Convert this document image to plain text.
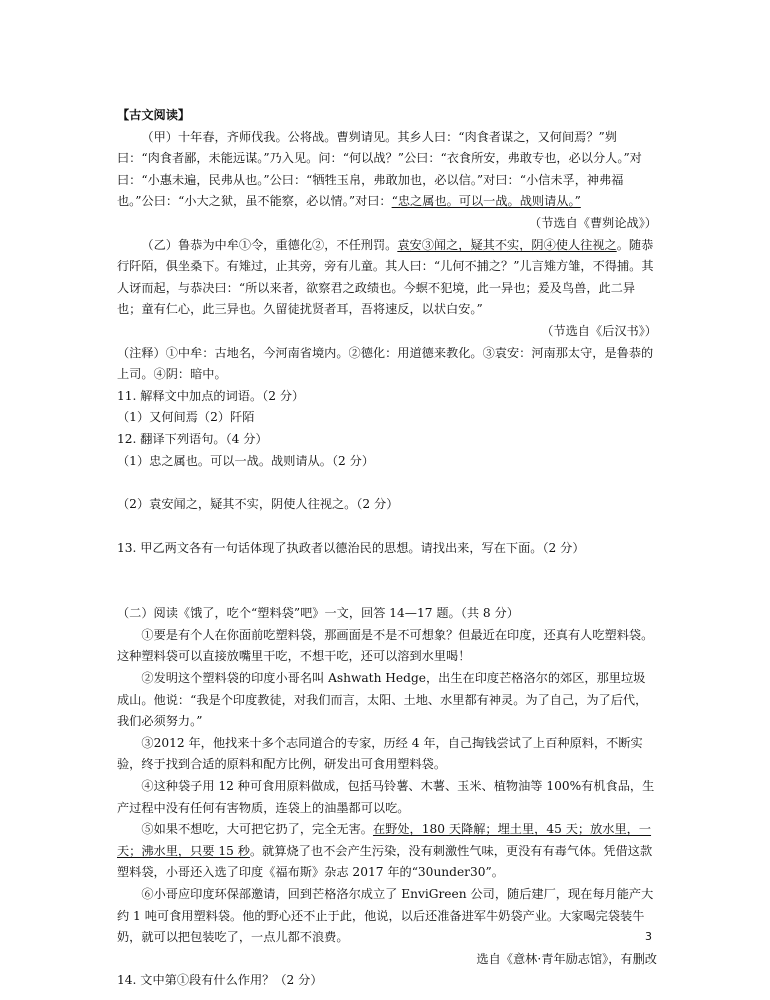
【古文阅读】

（甲）十年春，齐师伐我。公将战。曹刿请见。其乡人曰：“肉食者谋之，又何间焉？”刿曰：“肉食者鄙，未能远谋。”乃入见。问：“何以战？”公曰：“衣食所安，弗敢专也，必以分人。”对曰：“小惠未遍，民弗从也。”公曰：“牺牲玉帛，弗敢加也，必以信。”对曰：“小信未孚，神弗福也。”公曰：“小大之狱，虽不能察，必以情。”对曰：“忠之属也。可以一战。战则请从。”

（节选自《曹刿论战》）

（乙）鲁恭为中牟①令，重德化②，不任刑罚。袁安③闻之，疑其不实，阴④使人往视之。随恭行阡陌，俱坐桑下。有雉过，止其旁，旁有儿童。其人曰：“儿何不捕之？”儿言雉方雏，不得捕。其人讶而起，与恭决曰：“所以来者，欲察君之政绩也。今螟不犯境，此一异也；爰及鸟兽，此二异也；童有仁心，此三异也。久留徒扰贤者耳，吾将速反，以状白安。”

（节选自《后汉书》）

（注释）①中牟：古地名，今河南省境内。②德化：用道德来教化。③袁安：河南那太守，是鲁恭的上司。④阴：暗中。

11. 解释文中加点的词语。（2 分）

（1）又何间焉（2）阡陌

12. 翻译下列语句。（4 分）

（1）忠之属也。可以一战。战则请从。（2 分）

（2）袁安闻之，疑其不实，阴使人往视之。（2 分）

13. 甲乙两文各有一句话体现了执政者以德治民的思想。请找出来，写在下面。（2 分）

（二）阅读《饿了，吃个“塑料袋”吧》一文，回答 14—17 题。（共 8 分）

①要是有个人在你面前吃塑料袋，那画面是不是不可想象？但最近在印度，还真有人吃塑料袋。这种塑料袋可以直接放嘴里干吃，不想干吃，还可以溶到水里喝！

②发明这个塑料袋的印度小哥名叫 Ashwath Hedge，出生在印度芒格洛尔的郊区，那里垃圾成山。他说：“我是个印度教徒，对我们而言，太阳、土地、水里都有神灵。为了自己，为了后代，我们必须努力。”

③2012 年，他找来十多个志同道合的专家，历经 4 年，自己掏钱尝试了上百种原料，不断实验，终于找到合适的原料和配方比例，研发出可食用塑料袋。

④这种袋子用 12 种可食用原料做成，包括马铃薯、木薯、玉米、植物油等 100%有机食品，生产过程中没有任何有害物质，连袋上的油墨都可以吃。

⑤如果不想吃，大可把它扔了，完全无害。在野处，180 天降解；埋土里，45 天；放水里，一天；沸水里，只要 15 秒。就算烧了也不会产生污染，没有刺激性气味，更没有有毒气体。凭借这款塑料袋，小哥还入选了印度《福布斯》杂志 2017 年的“30under30”。

⑥小哥应印度环保部邀请，回到芒格洛尔成立了 EnviGreen 公司，随后建厂，现在每月能产大约 1 吨可食用塑料袋。他的野心还不止于此，他说，以后还准备进军牛奶袋产业。大家喝完袋装牛奶，就可以把包装吃了，一点儿都不浪费。

选自《意林·青年励志馆》，有删改

14. 文中第①段有什么作用？（2 分）

3
